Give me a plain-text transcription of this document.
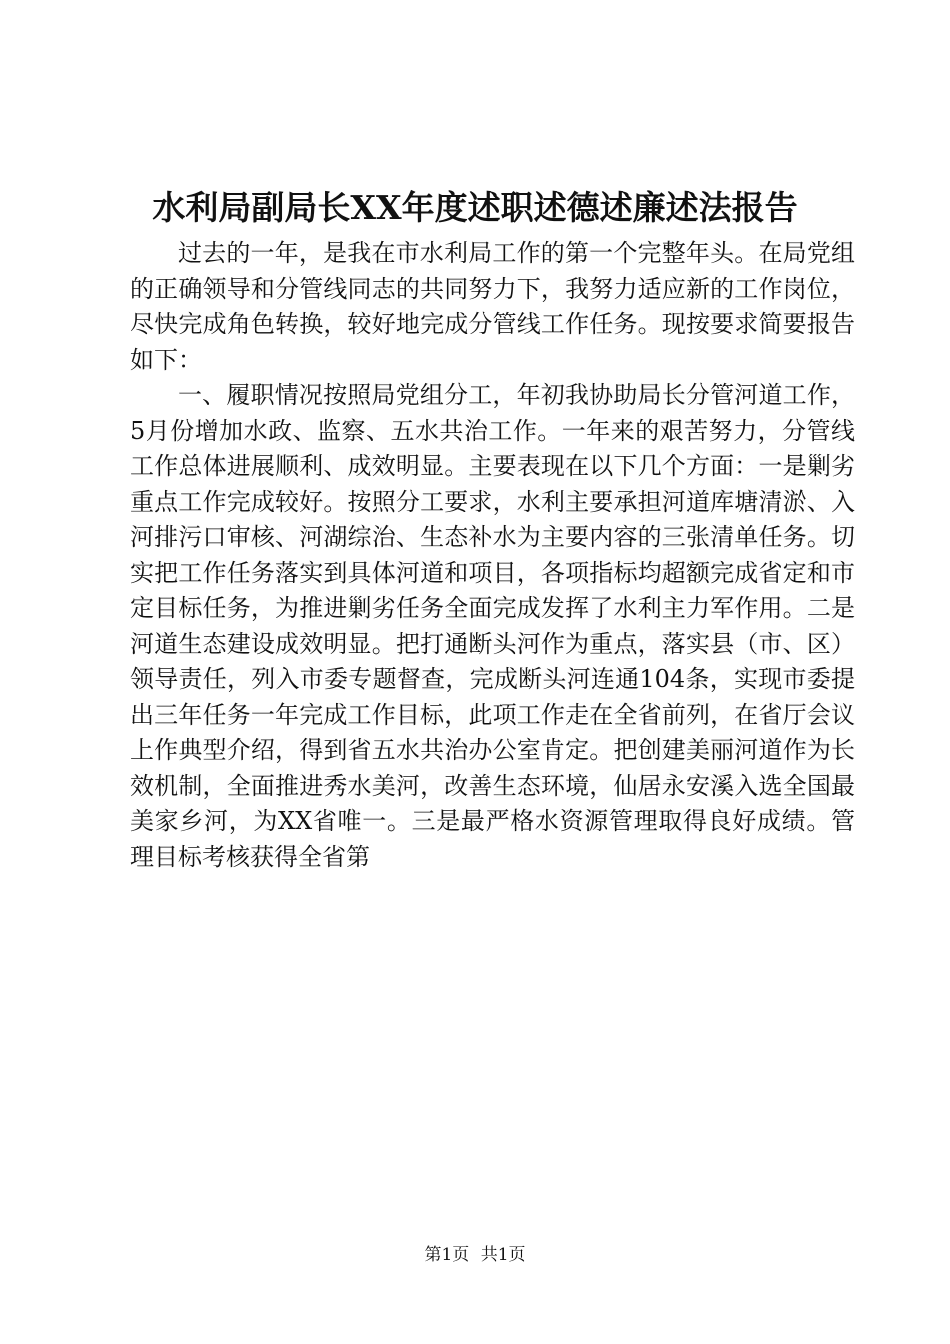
水利局副局长XX年度述职述德述廉述法报告

过去的一年，是我在市水利局工作的第一个完整年头。在局党组的正确领导和分管线同志的共同努力下，我努力适应新的工作岗位，尽快完成角色转换，较好地完成分管线工作任务。现按要求简要报告如下：

一、履职情况按照局党组分工，年初我协助局长分管河道工作，5月份增加水政、监察、五水共治工作。一年来的艰苦努力，分管线工作总体进展顺利、成效明显。主要表现在以下几个方面：一是剿劣重点工作完成较好。按照分工要求，水利主要承担河道库塘清淤、入河排污口审核、河湖综治、生态补水为主要内容的三张清单任务。切实把工作任务落实到具体河道和项目，各项指标均超额完成省定和市定目标任务，为推进剿劣任务全面完成发挥了水利主力军作用。二是河道生态建设成效明显。把打通断头河作为重点，落实县（市、区）领导责任，列入市委专题督查，完成断头河连通104条，实现市委提出三年任务一年完成工作目标，此项工作走在全省前列，在省厅会议上作典型介绍，得到省五水共治办公室肯定。把创建美丽河道作为长效机制，全面推进秀水美河，改善生态环境，仙居永安溪入选全国最美家乡河，为XX省唯一。三是最严格水资源管理取得良好成绩。管理目标考核获得全省第

第1页 共1页
